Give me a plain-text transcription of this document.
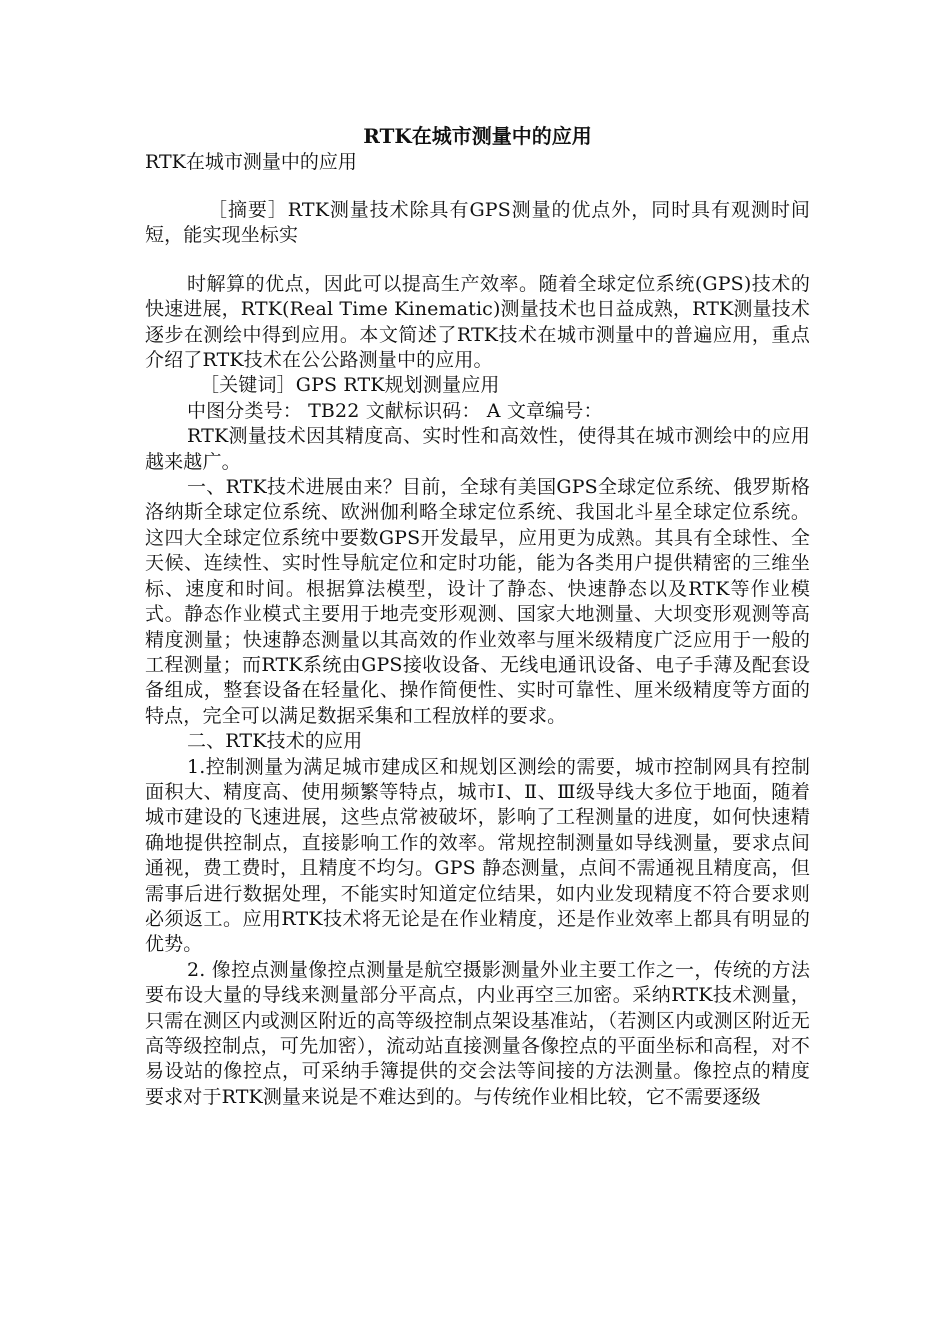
RTK在城市测量中的应用
RTK在城市测量中的应用

［摘要］RTK测量技术除具有GPS测量的优点外，同时具有观测时间短，能实现坐标实

时解算的优点，因此可以提高生产效率。随着全球定位系统(GPS)技术的快速进展，RTK(Real Time Kinematic)测量技术也日益成熟，RTK测量技术逐步在测绘中得到应用。本文简述了RTK技术在城市测量中的普遍应用，重点介绍了RTK技术在公公路测量中的应用。

［关键词］GPS RTK规划测量应用

中图分类号： TB22 文献标识码： A 文章编号：

RTK测量技术因其精度高、实时性和高效性，使得其在城市测绘中的应用越来越广。

一、RTK技术进展由来？目前，全球有美国GPS全球定位系统、俄罗斯格洛纳斯全球定位系统、欧洲伽利略全球定位系统、我国北斗星全球定位系统。这四大全球定位系统中要数GPS开发最早，应用更为成熟。其具有全球性、全天候、连续性、实时性导航定位和定时功能，能为各类用户提供精密的三维坐标、速度和时间。根据算法模型，设计了静态、快速静态以及RTK等作业模式。静态作业模式主要用于地壳变形观测、国家大地测量、大坝变形观测等高精度测量；快速静态测量以其高效的作业效率与厘米级精度广泛应用于一般的工程测量；而RTK系统由GPS接收设备、无线电通讯设备、电子手薄及配套设备组成，整套设备在轻量化、操作简便性、实时可靠性、厘米级精度等方面的特点，完全可以满足数据采集和工程放样的要求。

二、RTK技术的应用

1.控制测量为满足城市建成区和规划区测绘的需要，城市控制网具有控制面积大、精度高、使用频繁等特点，城市Ⅰ、Ⅱ、Ⅲ级导线大多位于地面，随着城市建设的飞速进展，这些点常被破坏，影响了工程测量的进度，如何快速精确地提供控制点，直接影响工作的效率。常规控制测量如导线测量，要求点间通视，费工费时，且精度不均匀。GPS 静态测量，点间不需通视且精度高，但需事后进行数据处理，不能实时知道定位结果，如内业发现精度不符合要求则必须返工。应用RTK技术将无论是在作业精度，还是作业效率上都具有明显的优势。

2. 像控点测量像控点测量是航空摄影测量外业主要工作之一，传统的方法要布设大量的导线来测量部分平高点，内业再空三加密。采纳RTK技术测量，只需在测区内或测区附近的高等级控制点架设基准站，（若测区内或测区附近无高等级控制点，可先加密），流动站直接测量各像控点的平面坐标和高程，对不易设站的像控点，可采纳手簿提供的交会法等间接的方法测量。像控点的精度要求对于RTK测量来说是不难达到的。与传统作业相比较，它不需要逐级
